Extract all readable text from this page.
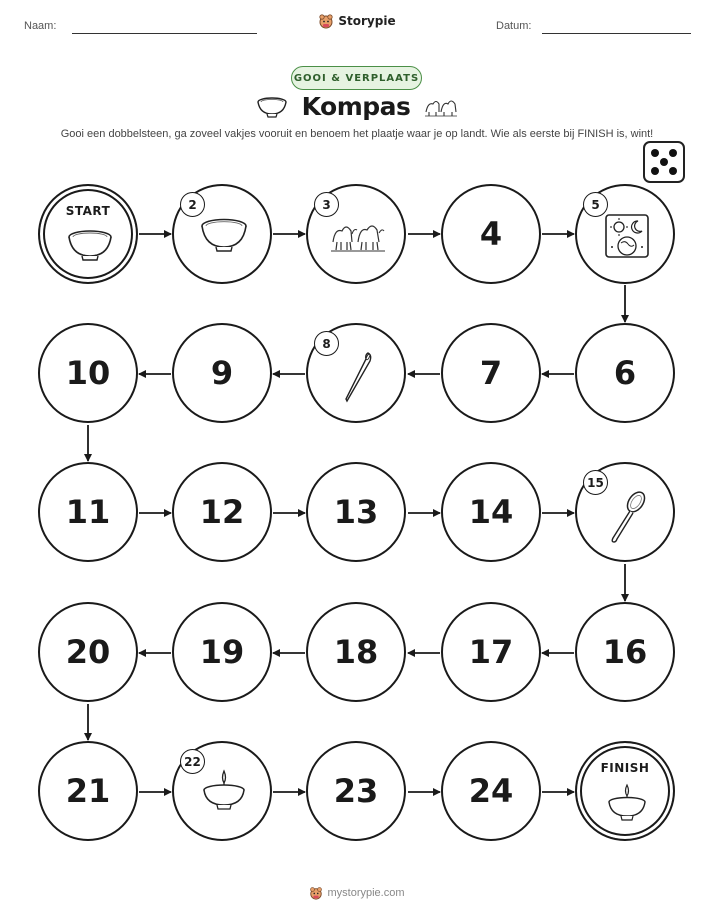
Naam:	Storypie	Datum:
GOOI & VERPLAATS
Kompas
Gooi een dobbelsteen, ga zoveel vakjes vooruit en benoem het plaatje waar je op landt. Wie als eerste bij FINISH is, wint!
START	2	3
4
5
10	9
8
7	6
11	12	13	14
15
20	19	18	17	16
21
22
23	24
FINISH
mystorypie.com
